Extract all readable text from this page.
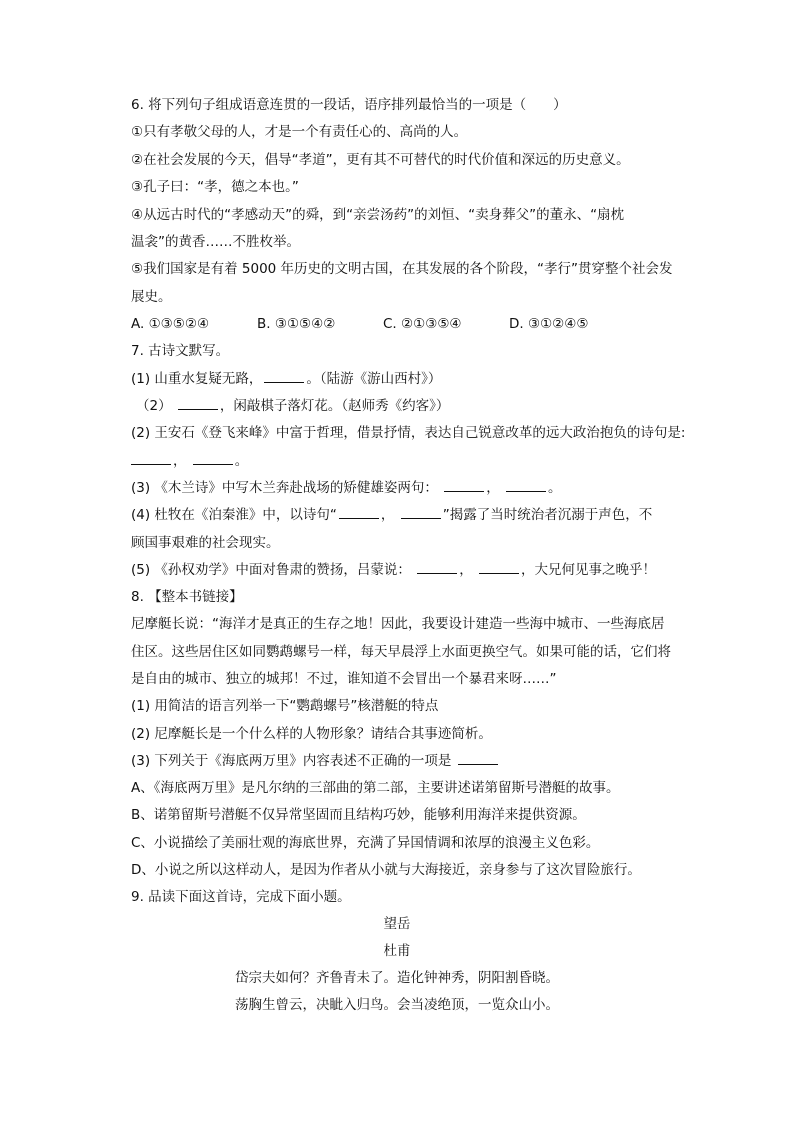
6. 将下列句子组成语意连贯的一段话，语序排列最恰当的一项是（　　）
①只有孝敬父母的人，才是一个有责任心的、高尚的人。
②在社会发展的今天，倡导“孝道”，更有其不可替代的时代价值和深远的历史意义。
③孔子曰：“孝，德之本也。”
④从远古时代的“孝感动天”的舜，到“亲尝汤药”的刘恒、“卖身葬父”的董永、“扇枕
温衾”的黄香……不胜枚举。
⑤我们国家是有着 5000 年历史的文明古国，在其发展的各个阶段，“孝行”贯穿整个社会发
展史。
A. ①③⑤②④	B. ③①⑤④②	C. ②①③⑤④	D. ③①②④⑤
7. 古诗文默写。
(1) 山重水复疑无路，	。（陆游《游山西村》）
（2）	，闲敲棋子落灯花。（赵师秀《约客》）
(2) 王安石《登飞来峰》中富于哲理，借景抒情，表达自己锐意改革的远大政治抱负的诗句是:
，	。
(3) 《木兰诗》中写木兰奔赴战场的矫健雄姿两句：	，	。
(4) 杜牧在《泊秦淮》中，以诗句“	，	”揭露了当时统治者沉溺于声色，不
顾国事艰难的社会现实。
(5) 《孙权劝学》中面对鲁肃的赞扬，吕蒙说：	，	，大兄何见事之晚乎！
8. 【整本书链接】
尼摩艇长说：“海洋才是真正的生存之地！因此，我要设计建造一些海中城市、一些海底居
住区。这些居住区如同鹦鹉螺号一样，每天早晨浮上水面更换空气。如果可能的话，它们将
是自由的城市、独立的城邦！不过，谁知道不会冒出一个暴君来呀……”
(1) 用简洁的语言列举一下“鹦鹉螺号”核潜艇的特点
(2) 尼摩艇长是一个什么样的人物形象？请结合其事迹简析。
(3) 下列关于《海底两万里》内容表述不正确的一项是
A、《海底两万里》是凡尔纳的三部曲的第二部，主要讲述诺第留斯号潜艇的故事。
B、诺第留斯号潜艇不仅异常坚固而且结构巧妙，能够利用海洋来提供资源。
C、小说描绘了美丽壮观的海底世界，充满了异国情调和浓厚的浪漫主义色彩。
D、小说之所以这样动人，是因为作者从小就与大海接近，亲身参与了这次冒险旅行。
9. 品读下面这首诗，完成下面小题。
望岳
杜甫
岱宗夫如何？齐鲁青未了。造化钟神秀，阴阳割昏晓。
荡胸生曾云，决眦入归鸟。会当凌绝顶，一览众山小。
